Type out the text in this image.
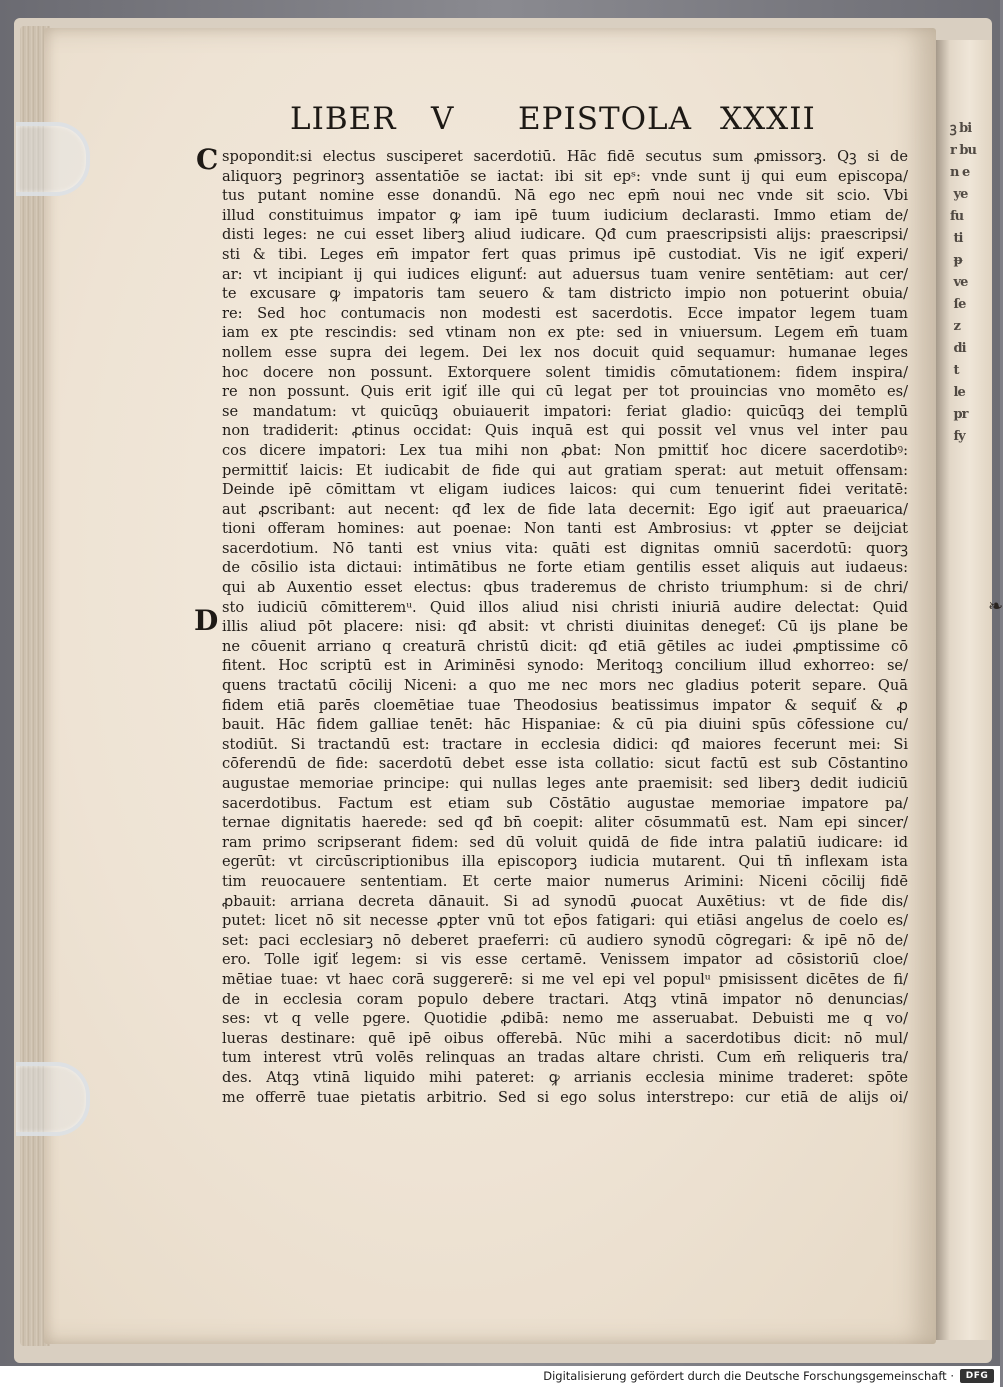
ꝫ bi
r bu
n e
ye
fu
ti
ᵽ
ve
ſe
z
di
t
le
pr
fy

❧
LIBER V EPISTOLA XXXII
C
D
spopondit:si electus susciperet sacerdotiū. Hāc fidē secutus sum ꝓmissorꝫ. Qꝫ si de
aliquorꝫ pegrinorꝫ assentatiōe se iactat: ibi sit epˢ: vnde sunt ij qui eum episcopa/
tus putant nomine esse donandū. Nā ego nec epm̄ noui nec vnde sit scio. Vbi
illud constituimus impator ꝙ iam ipē tuum iudicium declarasti. Immo etiam de/
disti leges: ne cui esset liberꝫ aliud iudicare. Qđ cum praescripsisti alijs: praescripsi/
sti & tibi. Leges em̄ impator fert quas primus ipē custodiat. Vis ne igiť experi/
ar: vt incipiant ij qui iudices eligunť: aut aduersus tuam venire sentētiam: aut cer/
te excusare ꝙ impatoris tam seuero & tam districto impio non potuerint obuia/
re: Sed hoc contumacis non modesti est sacerdotis. Ecce impator legem tuam
iam ex pte rescindis: sed vtinam non ex pte: sed in vniuersum. Legem em̄ tuam
nollem esse supra dei legem. Dei lex nos docuit quid sequamur: humanae leges
hoc docere non possunt. Extorquere solent timidis cōmutationem: fidem inspira/
re non possunt. Quis erit igiť ille qui cū legat per tot prouincias vno momēto es/
se mandatum: vt quicūqꝫ obuiauerit impatori: feriat gladio: quicūqꝫ dei templū
non tradiderit: ꝓtinus occidat: Quis inquā est qui possit vel vnus vel inter pau
cos dicere impatori: Lex tua mihi non ꝓbat: Non pmittiť hoc dicere sacerdotibꝰ:
permittiť laicis: Et iudicabit de fide qui aut gratiam sperat: aut metuit offensam:
Deinde ipē cōmittam vt eligam iudices laicos: qui cum tenuerint fidei veritatē:
aut ꝓscribant: aut necent: qđ lex de fide lata decernit: Ego igiť aut praeuarica/
tioni offeram homines: aut poenae: Non tanti est Ambrosius: vt ꝓpter se deijciat
sacerdotium. Nō tanti est vnius vita: quāti est dignitas omniū sacerdotū: quorꝫ
de cōsilio ista dictaui: intimātibus ne forte etiam gentilis esset aliquis aut iudaeus:
qui ab Auxentio esset electus: qbus traderemus de christo triumphum: si de chri/
sto iudiciū cōmitteremᵘ. Quid illos aliud nisi christi iniuriā audire delectat: Quid
illis aliud pōt placere: nisi: qđ absit: vt christi diuinitas denegeť: Cū ijs plane be
ne cōuenit arriano q creaturā christū dicit: qđ etiā gētiles ac iudei ꝓmptissime cō
fitent. Hoc scriptū est in Ariminēsi synodo: Meritoqꝫ concilium illud exhorreo: se/
quens tractatū cōcilij Niceni: a quo me nec mors nec gladius poterit separe. Quā
fidem etiā parēs cloemētiae tuae Theodosius beatissimus impator & sequiť & ꝓ
bauit. Hāc fidem galliae tenēt: hāc Hispaniae: & cū pia diuini spūs cōfessione cu/
stodiūt. Si tractandū est: tractare in ecclesia didici: qđ maiores fecerunt mei: Si
cōferendū de fide: sacerdotū debet esse ista collatio: sicut factū est sub Cōstantino
augustae memoriae principe: qui nullas leges ante praemisit: sed liberꝫ dedit iudiciū
sacerdotibus. Factum est etiam sub Cōstātio augustae memoriae impatore pa/
ternae dignitatis haerede: sed qđ bn̄ coepit: aliter cōsummatū est. Nam epi sincer/
ram primo scripserant fidem: sed dū voluit quidā de fide intra palatiū iudicare: id
egerūt: vt circūscriptionibus illa episcoporꝫ iudicia mutarent. Qui tn̄ inflexam ista
tim reuocauere sententiam. Et certe maior numerus Arimini: Niceni cōcilij fidē
ꝓbauit: arriana decreta dānauit. Si ad synodū ꝓuocat Auxētius: vt de fide dis/
putet: licet nō sit necesse ꝓpter vnū tot ep̄os fatigari: qui etiāsi angelus de coelo es/
set: paci ecclesiarꝫ nō deberet praeferri: cū audiero synodū cōgregari: & ipē nō de/
ero. Tolle igiť legem: si vis esse certamē. Venissem impator ad cōsistoriū cloe/
mētiae tuae: vt haec corā suggererē: si me vel epi vel populᵘ pmisissent dicētes de fi/
de in ecclesia coram populo debere tractari. Atqꝫ vtinā impator nō denuncias/
ses: vt q velle pgere. Quotidie ꝓdibā: nemo me asseruabat. Debuisti me q vo/
lueras destinare: quē ipē oibus offerebā. Nūc mihi a sacerdotibus dicit: nō mul/
tum interest vtrū volēs relinquas an tradas altare christi. Cum em̄ reliqueris tra/
des. Atqꝫ vtinā liquido mihi pateret: ꝙ arrianis ecclesia minime traderet: spōte
me offerrē tuae pietatis arbitrio. Sed si ego solus interstrepo: cur etiā de alijs oi/
Digitalisierung gefördert durch die Deutsche Forschungsgemeinschaft ·	DFG
